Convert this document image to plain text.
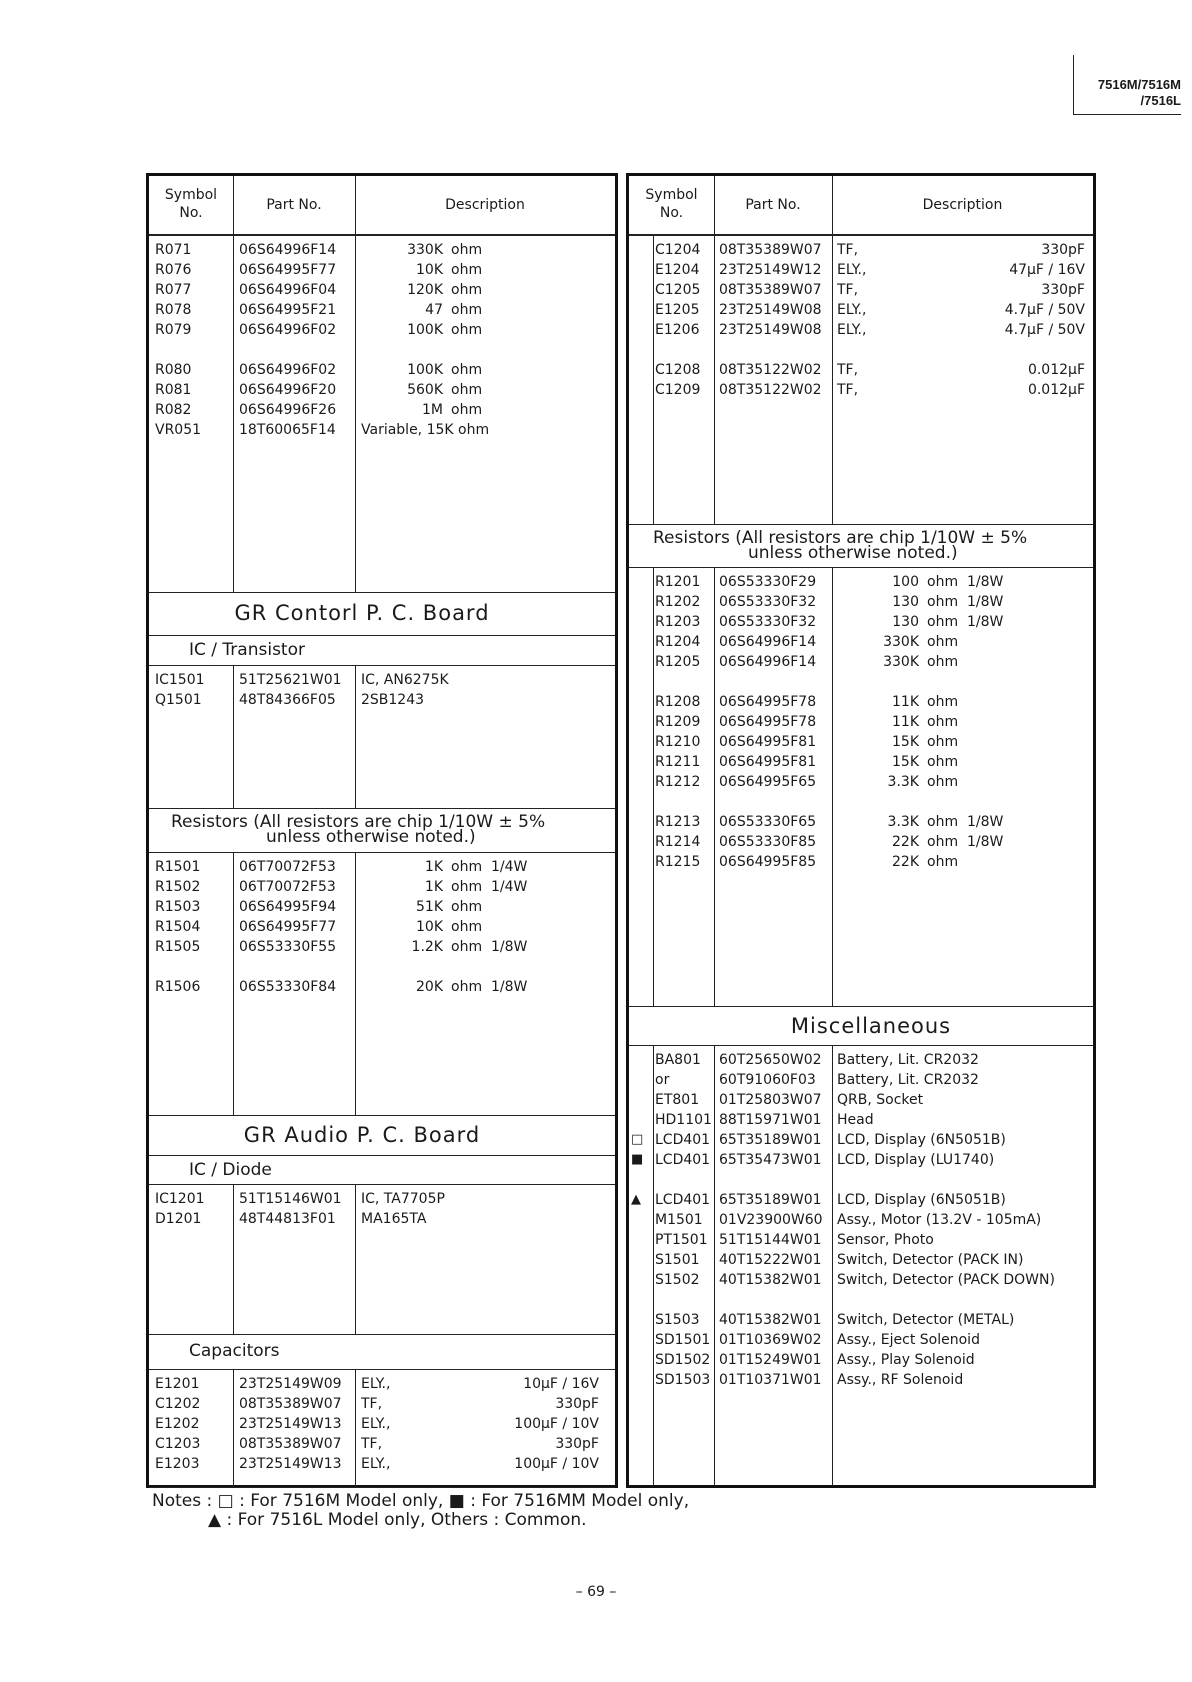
7516M/7516M
/7516L
Symbol
No.	Part No.	Description
R071	06S64996F14	330K ohm
R076	06S64995F77	10K ohm
R077	06S64996F04	120K ohm
R078	06S64995F21	47 ohm
R079	06S64996F02	100K ohm
R080	06S64996F02	100K ohm
R081	06S64996F20	560K ohm
R082	06S64996F26	1M ohm
VR051	18T60065F14 Variable, 15K ohm
GR Contorl P. C. Board
IC / Transistor
IC1501 51T25621W01 IC, AN6275K
Q1501	48T84366F05 2SB1243
Resistors (All resistors are chip 1/10W ± 5%
unless otherwise noted.)
R1501	06T70072F53	1K ohm 1/4W
R1502	06T70072F53	1K ohm 1/4W
R1503	06S64995F94	51K ohm
R1504	06S64995F77	10K ohm
R1505	06S53330F55	1.2K ohm 1/8W
R1506	06S53330F84	20K ohm 1/8W
GR Audio P. C. Board
IC / Diode
IC1201 51T15146W01 IC, TA7705P
D1201	48T44813F01 MA165TA
Capacitors
E1201	23T25149W09 ELY.,	10µF / 16V
C1202	08T35389W07 TF,	330pF
E1202	23T25149W13 ELY.,	100µF / 10V
C1203	08T35389W07 TF,	330pF
E1203	23T25149W13 ELY.,	100µF / 10V
Symbol
No.	Part No.	Description
C1204 08T35389W07 TF,	330pF
E1204 23T25149W12 ELY.,	47µF / 16V
C1205 08T35389W07 TF,	330pF
E1205 23T25149W08 ELY.,	4.7µF / 50V
E1206 23T25149W08 ELY.,	4.7µF / 50V
C1208 08T35122W02 TF,	0.012µF
C1209 08T35122W02 TF,	0.012µF
Resistors (All resistors are chip 1/10W ± 5%
unless otherwise noted.)
R1201 06S53330F29	100 ohm 1/8W
R1202 06S53330F32	130 ohm 1/8W
R1203 06S53330F32	130 ohm 1/8W
R1204 06S64996F14	330K ohm
R1205 06S64996F14	330K ohm
R1208 06S64995F78	11K ohm
R1209 06S64995F78	11K ohm
R1210 06S64995F81	15K ohm
R1211 06S64995F81	15K ohm
R1212 06S64995F65	3.3K ohm
R1213 06S53330F65	3.3K ohm 1/8W
R1214 06S53330F85	22K ohm 1/8W
R1215 06S64995F85	22K ohm
Miscellaneous
BA801 60T25650W02 Battery, Lit. CR2032
or	60T91060F03 Battery, Lit. CR2032
ET801 01T25803W07 QRB, Socket
HD1101 88T15971W01 Head
□ LCD401 65T35189W01 LCD, Display (6N5051B)
■ LCD401 65T35473W01 LCD, Display (LU1740)
▲ LCD401 65T35189W01 LCD, Display (6N5051B)
M1501 01V23900W60 Assy., Motor (13.2V - 105mA)
PT1501 51T15144W01 Sensor, Photo
S1501 40T15222W01 Switch, Detector (PACK IN)
S1502 40T15382W01 Switch, Detector (PACK DOWN)
S1503 40T15382W01 Switch, Detector (METAL)
SD1501 01T10369W02 Assy., Eject Solenoid
SD1502 01T15249W01 Assy., Play Solenoid
SD1503 01T10371W01 Assy., RF Solenoid
Notes : □ : For 7516M Model only, ■ : For 7516MM Model only,
▲ : For 7516L Model only, Others : Common.
– 69 –
